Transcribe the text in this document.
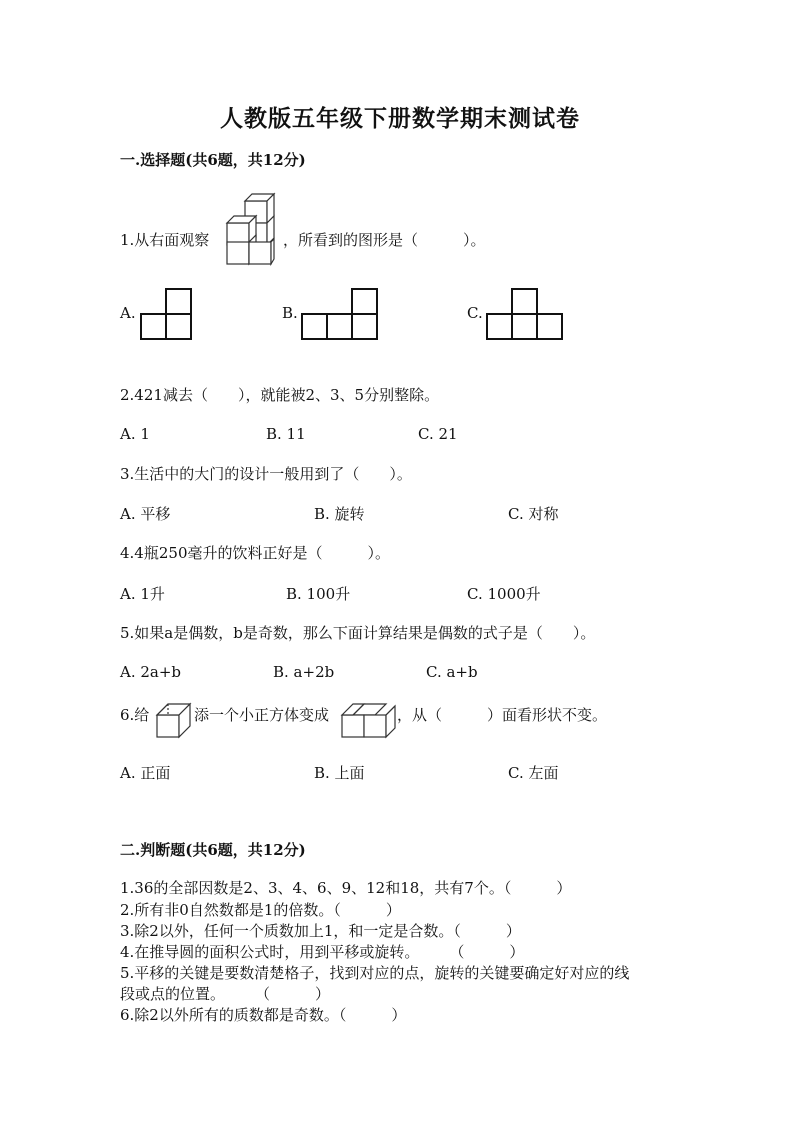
人教版五年级下册数学期末测试卷
一.选择题(共6题，共12分)
1.从右面观察	，所看到的图形是（　　　）。
A.	B.	C.
2.421减去（　　），就能被2、3、5分别整除。
A. 1	B. 11	C. 21
3.生活中的大门的设计一般用到了（　　）。
A. 平移	B. 旋转	C. 对称
4.4瓶250毫升的饮料正好是（　　　）。
A. 1升	B. 100升	C. 1000升
5.如果a是偶数，b是奇数，那么下面计算结果是偶数的式子是（　　）。
A. 2a+b	B. a+2b	C. a+b
6.给	添一个小正方体变成	，从（　　　）面看形状不变。
A. 正面	B. 上面	C. 左面
二.判断题(共6题，共12分)
1.36的全部因数是2、3、4、6、9、12和18，共有7个。（　　　）
2.所有非0自然数都是1的倍数。（　　　）
3.除2以外，任何一个质数加上1，和一定是合数。（　　　）
4.在推导圆的面积公式时，用到平移或旋转。　　　（　　　）
5.平移的关键是要数清楚格子，找到对应的点，旋转的关键要确定好对应的线
段或点的位置。　　　（　　　）
6.除2以外所有的质数都是奇数。（　　　）
